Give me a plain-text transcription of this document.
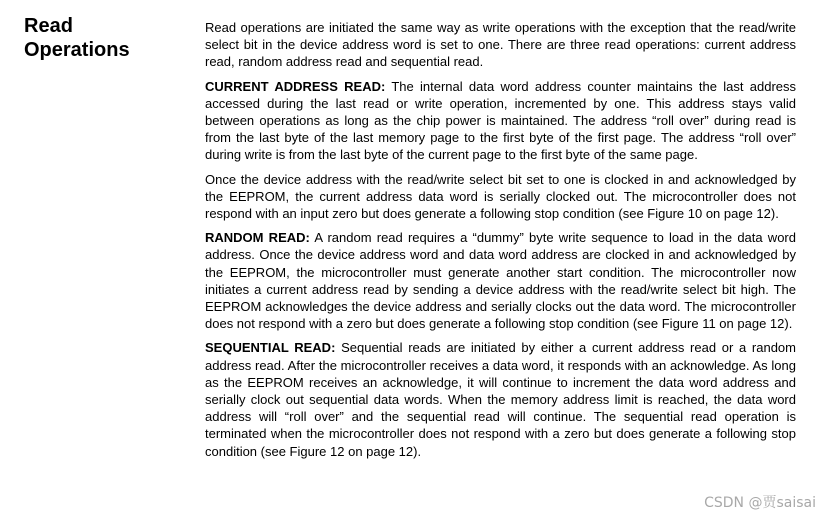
Read
Operations

Read operations are initiated the same way as write operations with the exception that the read/write select bit in the device address word is set to one. There are three read operations: current address read, random address read and sequential read.

CURRENT ADDRESS READ: The internal data word address counter maintains the last address accessed during the last read or write operation, incremented by one. This address stays valid between operations as long as the chip power is maintained. The address “roll over” during read is from the last byte of the last memory page to the first byte of the first page. The address “roll over” during write is from the last byte of the current page to the first byte of the same page.

Once the device address with the read/write select bit set to one is clocked in and acknowledged by the EEPROM, the current address data word is serially clocked out. The microcontroller does not respond with an input zero but does generate a following stop condition (see Figure 10 on page 12).

RANDOM READ: A random read requires a “dummy” byte write sequence to load in the data word address. Once the device address word and data word address are clocked in and acknowledged by the EEPROM, the microcontroller must generate another start condition. The microcontroller now initiates a current address read by sending a device address with the read/write select bit high. The EEPROM acknowledges the device address and serially clocks out the data word. The microcontroller does not respond with a zero but does generate a following stop condition (see Figure 11 on page 12).

SEQUENTIAL READ: Sequential reads are initiated by either a current address read or a random address read. After the microcontroller receives a data word, it responds with an acknowledge. As long as the EEPROM receives an acknowledge, it will continue to increment the data word address and serially clock out sequential data words. When the memory address limit is reached, the data word address will “roll over” and the sequential read will continue. The sequential read operation is terminated when the microcontroller does not respond with a zero but does generate a following stop condition (see Figure 12 on page 12).

CSDN @贾saisai
